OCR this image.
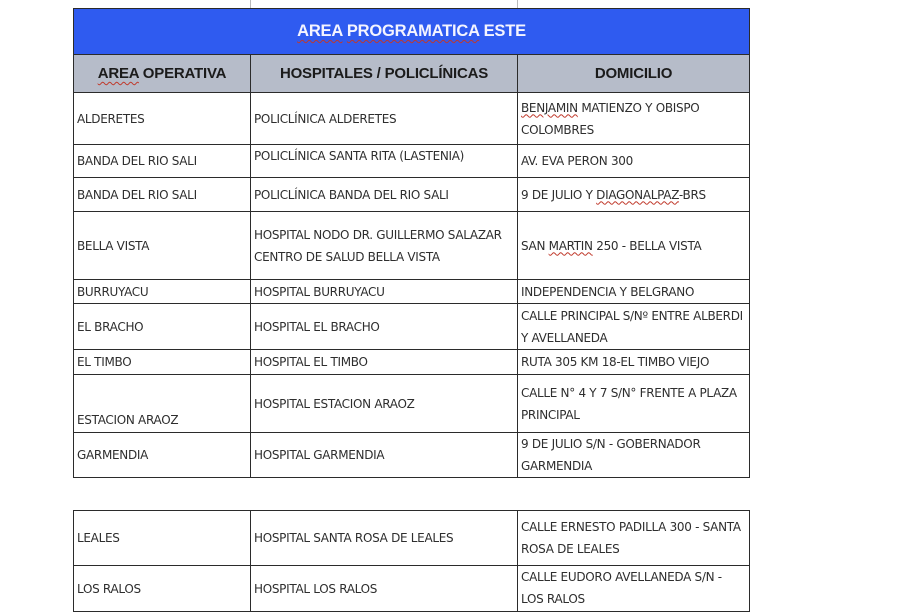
AREA PROGRAMATICA ESTE		
AREA OPERATIVA	HOSPITALES / POLICLÍNICAS	DOMICILIO
ALDERETES	POLICLÍNICA ALDERETES	BENJAMIN MATIENZO Y OBISPO COLOMBRES
BANDA DEL RIO SALI	POLICLÍNICA SANTA RITA (LASTENIA)	AV. EVA PERON 300
BANDA DEL RIO SALI	POLICLÍNICA BANDA DEL RIO SALI	9 DE JULIO Y DIAGONALPAZ-BRS
BELLA VISTA	HOSPITAL NODO DR. GUILLERMO SALAZAR CENTRO DE SALUD BELLA VISTA	SAN MARTIN 250 - BELLA VISTA
BURRUYACU	HOSPITAL BURRUYACU	INDEPENDENCIA Y BELGRANO
EL BRACHO	HOSPITAL EL BRACHO	CALLE PRINCIPAL S/Nº ENTRE ALBERDI Y AVELLANEDA
EL TIMBO	HOSPITAL EL TIMBO	RUTA 305 KM 18-EL TIMBO VIEJO
ESTACION ARAOZ	HOSPITAL ESTACION ARAOZ	CALLE N° 4 Y 7 S/N° FRENTE A PLAZA PRINCIPAL
GARMENDIA	HOSPITAL GARMENDIA	9 DE JULIO S/N - GOBERNADOR GARMENDIA
LEALES	HOSPITAL SANTA ROSA DE LEALES	CALLE ERNESTO PADILLA 300 - SANTA ROSA DE LEALES
LOS RALOS	HOSPITAL LOS RALOS	CALLE EUDORO AVELLANEDA S/N - LOS RALOS
